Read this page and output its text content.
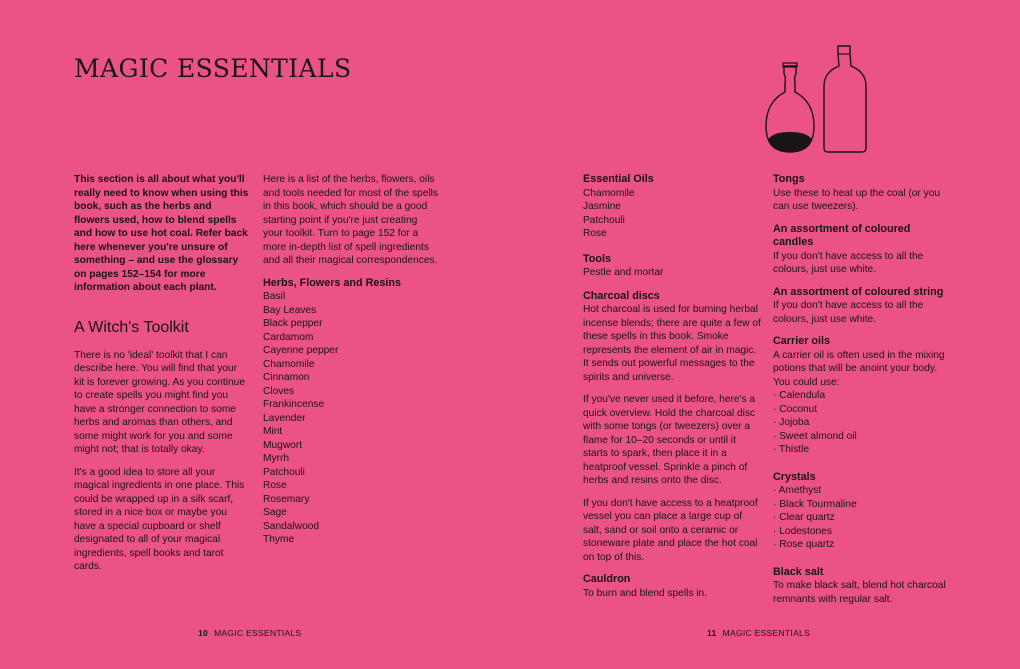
MAGIC ESSENTIALS

This section is all about what you'll really need to know when using this book, such as the herbs and flowers used, how to blend spells and how to use hot coal. Refer back here whenever you're unsure of something – and use the glossary on pages 152–154 for more information about each plant.

A Witch's Toolkit

There is no 'ideal' toolkit that I can describe here. You will find that your kit is forever growing. As you continue to create spells you might find you have a stronger connection to some herbs and aromas than others, and some might work for you and some might not; that is totally okay.

It's a good idea to store all your magical ingredients in one place. This could be wrapped up in a silk scarf, stored in a nice box or maybe you have a special cupboard or shelf designated to all of your magical ingredients, spell books and tarot cards.

Here is a list of the herbs, flowers, oils and tools needed for most of the spells in this book, which should be a good starting point if you're just creating your toolkit. Turn to page 152 for a more in-depth list of spell ingredients and all their magical correspondences.

Herbs, Flowers and Resins
Basil
Bay Leaves
Black pepper
Cardamom
Cayenne pepper
Chamomile
Cinnamon
Cloves
Frankincense
Lavender
Mint
Mugwort
Myrrh
Patchouli
Rose
Rosemary
Sage
Sandalwood
Thyme
Essential Oils
Chamomile
Jasmine
Patchouli
Rose
Tools
Pestle and mortar
Charcoal discs

Hot charcoal is used for burning herbal incense blends; there are quite a few of these spells in this book. Smoke represents the element of air in magic. It sends out powerful messages to the spirits and universe.

If you've never used it before, here's a quick overview. Hold the charcoal disc with some tongs (or tweezers) over a flame for 10–20 seconds or until it starts to spark, then place it in a heatproof vessel. Sprinkle a pinch of herbs and resins onto the disc.

If you don't have access to a heatproof vessel you can place a large cup of salt, sand or soil onto a ceramic or stoneware plate and place the hot coal on top of this.

Cauldron
To burn and blend spells in.
Tongs

Use these to heat up the coal (or you can use tweezers).

An assortment of coloured candles

If you don't have access to all the colours, just use white.

An assortment of coloured string

If you don't have access to all the colours, just use white.

Carrier oils
A carrier oil is often used in the mixing potions that will be anoint your body. You could use:
· Calendula
· Coconut
· Jojoba
· Sweet almond oil
· Thistle
Crystals
· Amethyst
· Black Tourmaline
· Clear quartz
· Lodestones
· Rose quartz
Black salt
To make black salt, blend hot charcoal remnants with regular salt.
10 MAGIC ESSENTIALS	11 MAGIC ESSENTIALS
